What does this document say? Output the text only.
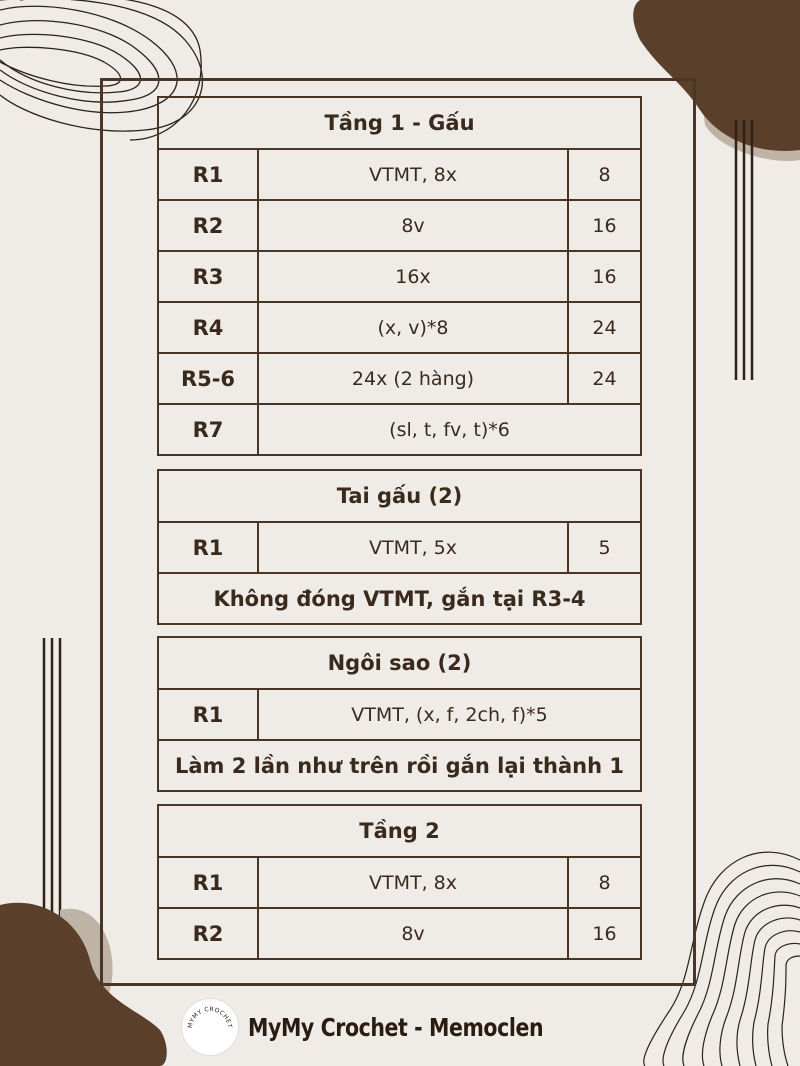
Tầng 1 - Gấu
R1	VTMT, 8x	8
R2	8v	16
R3	16x	16
R4	(x, v)*8	24
R5-6	24x (2 hàng)	24
R7	(sl, t, fv, t)*6
Tai gấu (2)
R1	VTMT, 5x	5
Không đóng VTMT, gắn tại R3-4
Ngôi sao (2)
R1	VTMT, (x, f, 2ch, f)*5
Làm 2 lần như trên rồi gắn lại thành 1
Tầng 2
R1	VTMT, 8x	8
R2	8v	16
MYMY CROCHET MyMy Crochet - Memoclen
